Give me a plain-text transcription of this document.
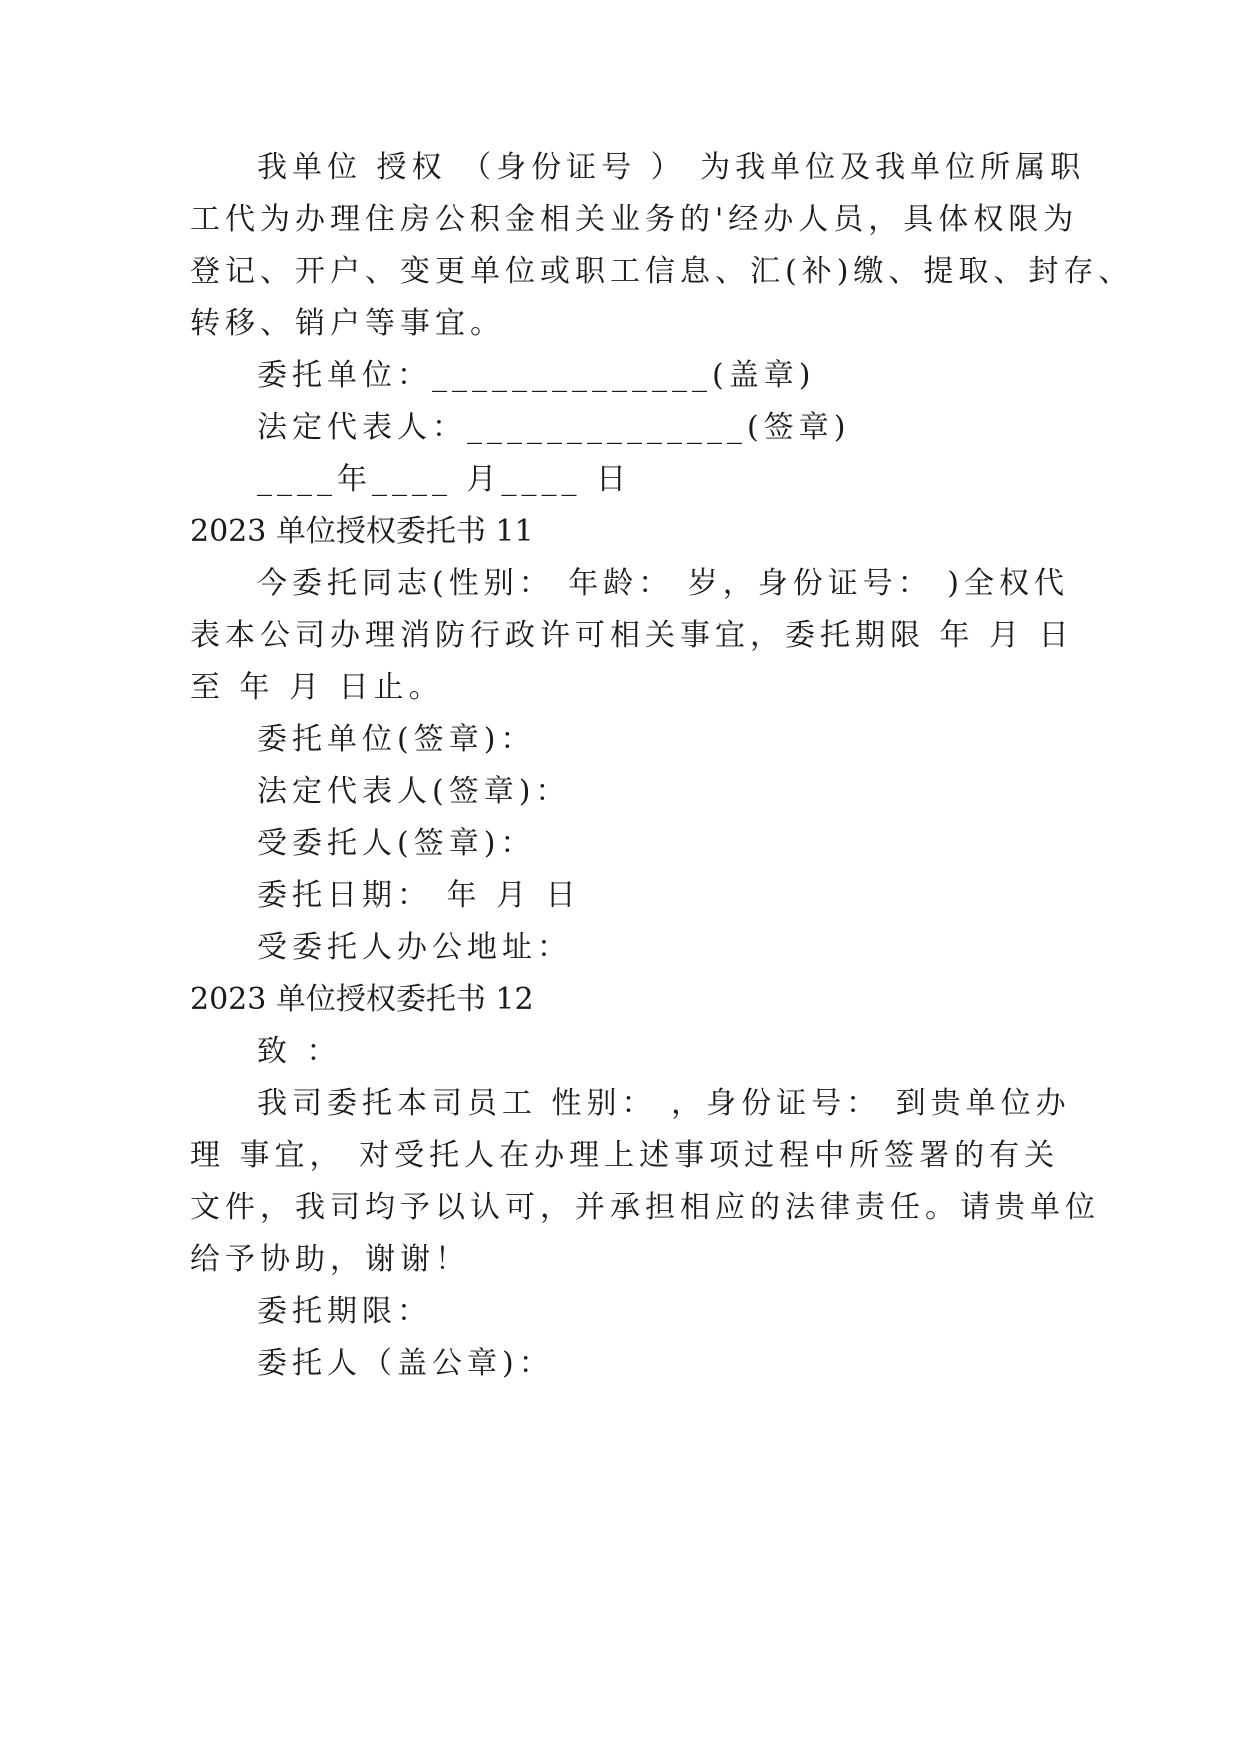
我单位 授权 （身份证号 ） 为我单位及我单位所属职
工代为办理住房公积金相关业务的'经办人员，具体权限为
登记、开户、变更单位或职工信息、汇(补)缴、提取、封存、
转移、销户等事宜。
委托单位：______________(盖章)
法定代表人：______________(签章)
____年____ 月____ 日
2023 单位授权委托书 11
今委托同志(性别： 年龄： 岁，身份证号： )全权代
表本公司办理消防行政许可相关事宜，委托期限 年 月 日
至 年 月 日止。
委托单位(签章)：
法定代表人(签章)：
受委托人(签章)：
委托日期： 年 月 日
受委托人办公地址：
2023 单位授权委托书 12
致 ：
我司委托本司员工 性别： ，身份证号： 到贵单位办
理 事宜， 对受托人在办理上述事项过程中所签署的有关
文件，我司均予以认可，并承担相应的法律责任。请贵单位
给予协助，谢谢！
委托期限：
委托人（盖公章)：
